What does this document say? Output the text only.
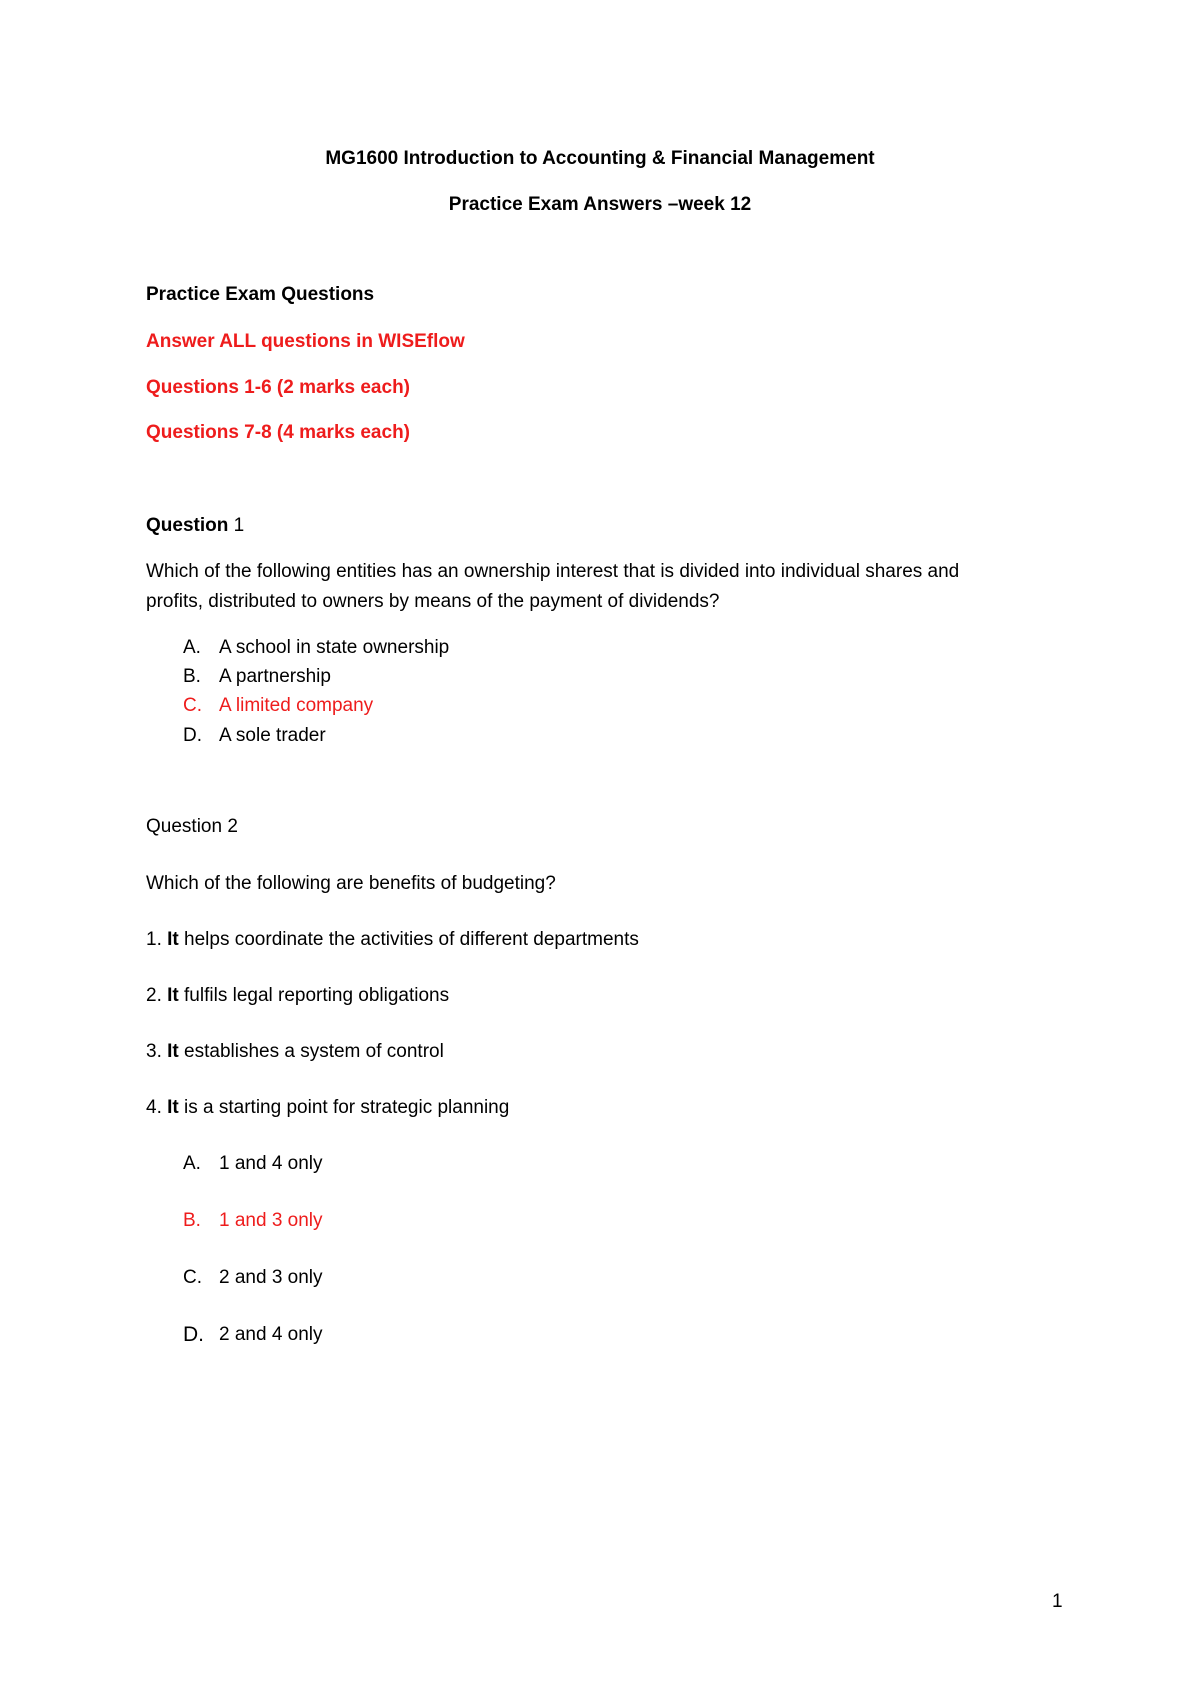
MG1600 Introduction to Accounting & Financial Management
Practice Exam Answers –week 12
Practice Exam Questions
Answer ALL questions in WISEflow
Questions 1-6 (2 marks each)
Questions 7-8 (4 marks each)
Question 1
Which of the following entities has an ownership interest that is divided into individual shares and
profits, distributed to owners by means of the payment of dividends?
A. A school in state ownership
B. A partnership
C. A limited company
D. A sole trader
Question 2
Which of the following are benefits of budgeting?
1. It helps coordinate the activities of different departments
2. It fulfils legal reporting obligations
3. It establishes a system of control
4. It is a starting point for strategic planning
A. 1 and 4 only
B. 1 and 3 only
C. 2 and 3 only
D. 2 and 4 only
1
